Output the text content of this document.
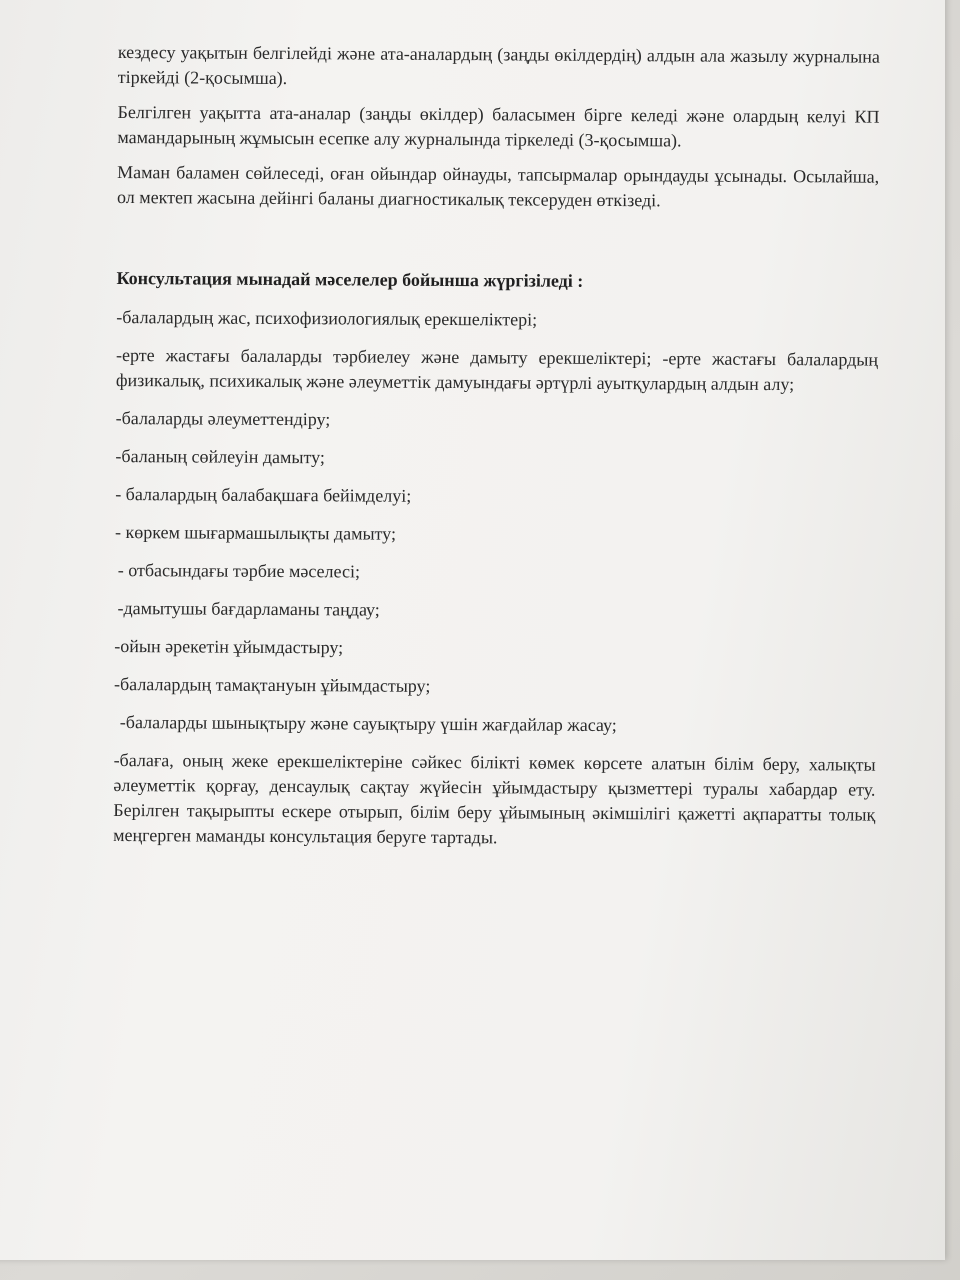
кездесу уақытын белгілейді және ата-аналардың (заңды өкілдердің) алдын ала жазылу журналына тіркейді (2-қосымша).

Белгілген уақытта ата-аналар (заңды өкілдер) баласымен бірге келеді және олардың келуі КП мамандарының жұмысын есепке алу журналында тіркеледі (3-қосымша).

Маман баламен сөйлеседі, оған ойындар ойнауды, тапсырмалар орындауды ұсынады. Осылайша, ол мектеп жасына дейінгі баланы диагностикалық тексеруден өткізеді.

Консультация мынадай мәселелер бойынша жүргізіледі :

-балалардың жас, психофизиологиялық ерекшеліктері;

-ерте жастағы балаларды тәрбиелеу және дамыту ерекшеліктері; -ерте жастағы балалардың физикалық, психикалық және әлеуметтік дамуындағы әртүрлі ауытқулардың алдын алу;

-балаларды әлеуметтендіру;

-баланың сөйлеуін дамыту;

- балалардың балабақшаға бейімделуі;

- көркем шығармашылықты дамыту;

- отбасындағы тәрбие мәселесі;

-дамытушы бағдарламаны таңдау;

-ойын әрекетін ұйымдастыру;

-балалардың тамақтануын ұйымдастыру;

-балаларды шынықтыру және сауықтыру үшін жағдайлар жасау;

-балаға, оның жеке ерекшеліктеріне сәйкес білікті көмек көрсете алатын білім беру, халықты әлеуметтік қорғау, денсаулық сақтау жүйесін ұйымдастыру қызметтері туралы хабардар ету. Берілген тақырыпты ескере отырып, білім беру ұйымының әкімшілігі қажетті ақпаратты толық меңгерген маманды консультация беруге тартады.
